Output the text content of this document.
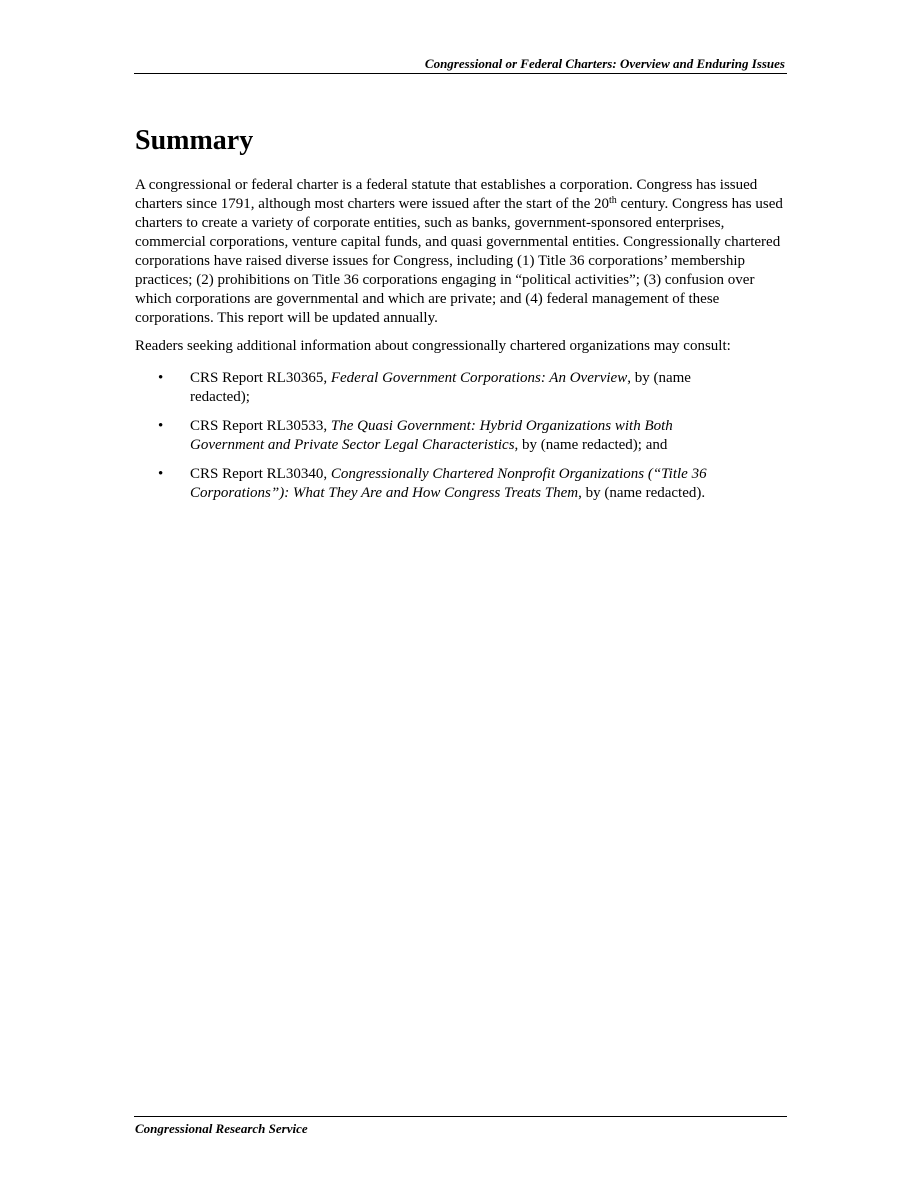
Congressional or Federal Charters: Overview and Enduring Issues
Summary

A congressional or federal charter is a federal statute that establishes a corporation. Congress has issued charters since 1791, although most charters were issued after the start of the 20th century. Congress has used charters to create a variety of corporate entities, such as banks, government-sponsored enterprises, commercial corporations, venture capital funds, and quasi governmental entities. Congressionally chartered corporations have raised diverse issues for Congress, including (1) Title 36 corporations’ membership practices; (2) prohibitions on Title 36 corporations engaging in “political activities”; (3) confusion over which corporations are governmental and which are private; and (4) federal management of these corporations. This report will be updated annually.

Readers seeking additional information about congressionally chartered organizations may consult:

• CRS Report RL30365, Federal Government Corporations: An Overview, by (name redacted);
• CRS Report RL30533, The Quasi Government: Hybrid Organizations with Both Government and Private Sector Legal Characteristics, by (name redacted); and
• CRS Report RL30340, Congressionally Chartered Nonprofit Organizations (“Title 36 Corporations”): What They Are and How Congress Treats Them, by (name redacted).
Congressional Research Service
